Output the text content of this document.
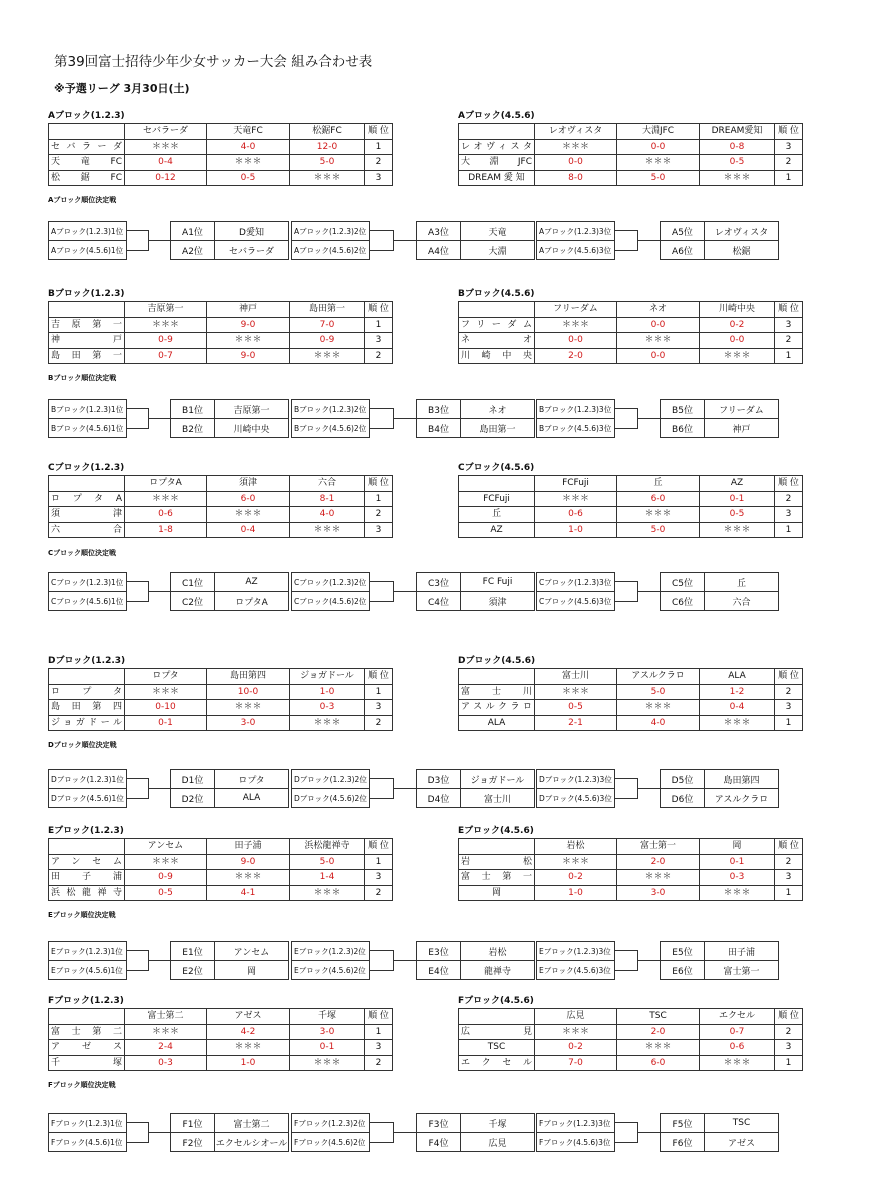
第39回富士招待少年少女サッカー大会 組み合わせ表
※予選リーグ 3月30日(土)
Aブロック(1.2.3)
	セバラーダ	天竜FC	松鋸FC	順 位
セバラーダ	＊＊＊	4-0	12-0	1
天　竜　FC	0-4	＊＊＊	5-0	2
松　鋸　FC	0-12	0-5	＊＊＊	3
Aブロック(4.5.6)
	レオヴィスタ	大淵JFC	DREAM愛知	順 位
レオヴィスタ	＊＊＊	0-0	0-8	3
大　淵　JFC	0-0	＊＊＊	0-5	2
DREAM 愛 知	8-0	5-0	＊＊＊	1
Aブロック順位決定戦
Aブロック(1.2.3)1位
Aブロック(4.5.6)1位
A1位
A2位
D愛知
セバラーダ
Aブロック(1.2.3)2位
Aブロック(4.5.6)2位
A3位
A4位
天竜
大淵
Aブロック(1.2.3)3位
Aブロック(4.5.6)3位
A5位
A6位
レオヴィスタ
松鋸
Bブロック(1.2.3)
	吉原第一	神戸	島田第一	順 位
吉原第一	＊＊＊	9-0	7-0	1
神　戸	0-9	＊＊＊	0-9	3
島田第一	0-7	9-0	＊＊＊	2
Bブロック(4.5.6)
	フリーダム	ネオ	川崎中央	順 位
フリーダム	＊＊＊	0-0	0-2	3
ネ　オ	0-0	＊＊＊	0-0	2
川崎中央	2-0	0-0	＊＊＊	1
Bブロック順位決定戦
Bブロック(1.2.3)1位
Bブロック(4.5.6)1位
B1位
B2位
吉原第一
川崎中央
Bブロック(1.2.3)2位
Bブロック(4.5.6)2位
B3位
B4位
ネオ
島田第一
Bブロック(1.2.3)3位
Bブロック(4.5.6)3位
B5位
B6位
フリーダム
神戸
Cブロック(1.2.3)
	ロプタA	須津	六合	順 位
ロプタA	＊＊＊	6-0	8-1	1
須　津	0-6	＊＊＊	4-0	2
六　合	1-8	0-4	＊＊＊	3
Cブロック(4.5.6)
	FCFuji	丘	AZ	順 位
FCFuji	＊＊＊	6-0	0-1	2
丘	0-6	＊＊＊	0-5	3
AZ	1-0	5-0	＊＊＊	1
Cブロック順位決定戦
Cブロック(1.2.3)1位
Cブロック(4.5.6)1位
C1位
C2位
AZ
ロプタA
Cブロック(1.2.3)2位
Cブロック(4.5.6)2位
C3位
C4位
FC Fuji
須津
Cブロック(1.2.3)3位
Cブロック(4.5.6)3位
C5位
C6位
丘
六合
Dブロック(1.2.3)
	ロプタ	島田第四	ジョガドール	順 位
ロプタ	＊＊＊	10-0	1-0	1
島田第四	0-10	＊＊＊	0-3	3
ジョガドール	0-1	3-0	＊＊＊	2
Dブロック(4.5.6)
	富士川	アスルクラロ	ALA	順 位
富士川	＊＊＊	5-0	1-2	2
アスルクラロ	0-5	＊＊＊	0-4	3
ALA	2-1	4-0	＊＊＊	1
Dブロック順位決定戦
Dブロック(1.2.3)1位
Dブロック(4.5.6)1位
D1位
D2位
ロプタ
ALA
Dブロック(1.2.3)2位
Dブロック(4.5.6)2位
D3位
D4位
ジョガドール
富士川
Dブロック(1.2.3)3位
Dブロック(4.5.6)3位
D5位
D6位
島田第四
アスルクラロ
Eブロック(1.2.3)
	アンセム	田子浦	浜松龍禅寺	順 位
アンセム	＊＊＊	9-0	5-0	1
田子浦	0-9	＊＊＊	1-4	3
浜松龍禅寺	0-5	4-1	＊＊＊	2
Eブロック(4.5.6)
	岩松	富士第一	岡	順 位
岩　松	＊＊＊	2-0	0-1	2
富士第一	0-2	＊＊＊	0-3	3
岡	1-0	3-0	＊＊＊	1
Eブロック順位決定戦
Eブロック(1.2.3)1位
Eブロック(4.5.6)1位
E1位
E2位
アンセム
岡
Eブロック(1.2.3)2位
Eブロック(4.5.6)2位
E3位
E4位
岩松
龍禅寺
Eブロック(1.2.3)3位
Eブロック(4.5.6)3位
E5位
E6位
田子浦
富士第一
Fブロック(1.2.3)
	富士第二	アゼス	千塚	順 位
富士第二	＊＊＊	4-2	3-0	1
アゼス	2-4	＊＊＊	0-1	3
千　塚	0-3	1-0	＊＊＊	2
Fブロック(4.5.6)
	広見	TSC	エクセル	順 位
広　見	＊＊＊	2-0	0-7	2
TSC	0-2	＊＊＊	0-6	3
エクセル	7-0	6-0	＊＊＊	1
Fブロック順位決定戦
Fブロック(1.2.3)1位
Fブロック(4.5.6)1位
F1位
F2位
富士第二
エクセルシオール
Fブロック(1.2.3)2位
Fブロック(4.5.6)2位
F3位
F4位
千塚
広見
Fブロック(1.2.3)3位
Fブロック(4.5.6)3位
F5位
F6位
TSC
アゼス
